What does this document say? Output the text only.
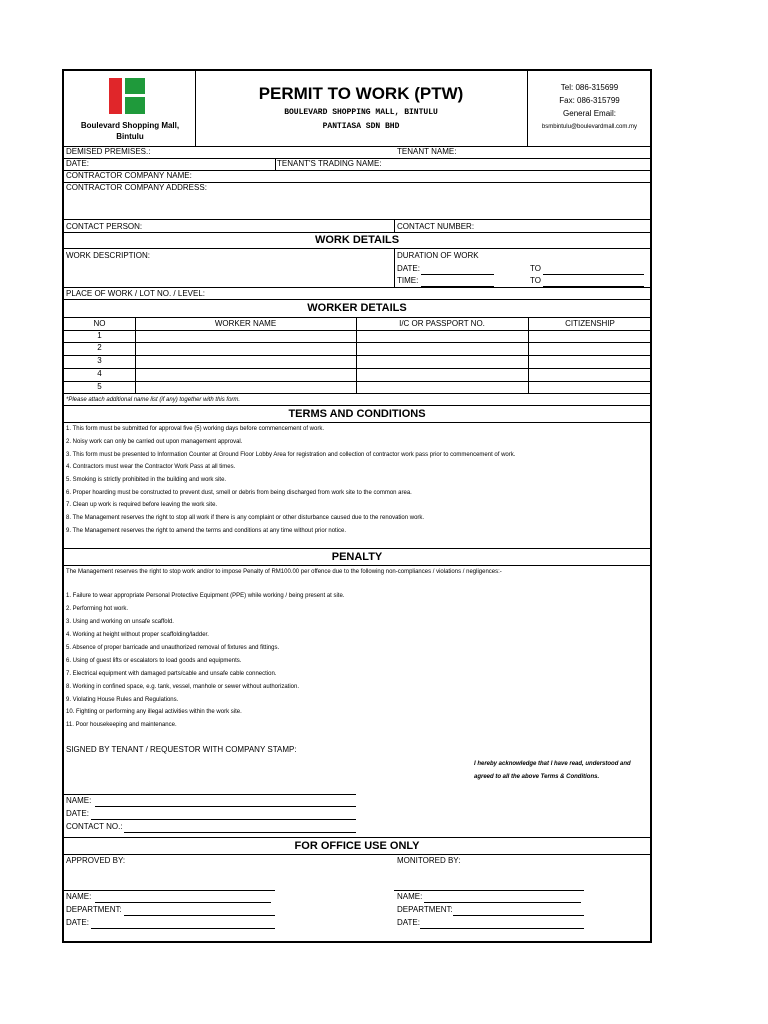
Boulevard Shopping Mall, Bintulu
PERMIT TO WORK (PTW)
BOULEVARD SHOPPING MALL, BINTULU
PANTIASA SDN BHD
Tel: 086-315699
Fax: 086-315799
General Email:
bsmbintulu@boulevardmall.com.my
DEMISED PREMISES.:	TENANT NAME:
DATE:	TENANT'S TRADING NAME:
CONTRACTOR COMPANY NAME:
CONTRACTOR COMPANY ADDRESS:
CONTACT PERSON:	CONTACT NUMBER:
WORK DETAILS
WORK DESCRIPTION:	DURATION OF WORK
DATE:	TO
TIME:	TO
PLACE OF WORK / LOT NO. / LEVEL:
WORKER DETAILS
NO	WORKER NAME	I/C OR PASSPORT NO.	CITIZENSHIP
1
2
3
4
5
*Please attach additional name list (if any) together with this form.
TERMS AND CONDITIONS
1. This form must be submitted for approval five (5) working days before commencement of work.
2. Noisy work can only be carried out upon management approval.
3. This form must be presented to Information Counter at Ground Floor Lobby Area for registration and collection of contractor work pass prior to commencement of work.
4. Contractors must wear the Contractor Work Pass at all times.
5. Smoking is strictly prohibited in the building and work site.
6. Proper hoarding must be constructed to prevent dust, smell or debris from being discharged from work site to the common area.
7. Clean up work is required before leaving the work site.
8. The Management reserves the right to stop all work if there is any complaint or other disturbance caused due to the renovation work.
9. The Management reserves the right to amend the terms and conditions at any time without prior notice.
PENALTY
The Management reserves the right to stop work and/or to impose Penalty of RM100.00 per offence due to the following non-compliances / violations / negligences:-
1. Failure to wear appropriate Personal Protective Equipment (PPE) while working / being present at site.
2. Performing hot work.
3. Using and working on unsafe scaffold.
4. Working at height without proper scaffolding/ladder.
5. Absence of proper barricade and unauthorized removal of fixtures and fittings.
6. Using of guest lifts or escalators to load goods and equipments.
7. Electrical equipment with damaged parts/cable and unsafe cable connection.
8. Working in confined space, e.g. tank, vessel, manhole or sewer without authorization.
9. Violating House Rules and Regulations.
10. Fighting or performing any illegal activities within the work site.
11. Poor housekeeping and maintenance.
SIGNED BY TENANT / REQUESTOR WITH COMPANY STAMP:
I hereby acknowledge that I have read, understood and
agreed to all the above Terms & Conditions.
NAME:
DATE:
CONTACT NO.:
FOR OFFICE USE ONLY
APPROVED BY:	MONITORED BY:
NAME:
DEPARTMENT:
DATE:
NAME:
DEPARTMENT:
DATE:
